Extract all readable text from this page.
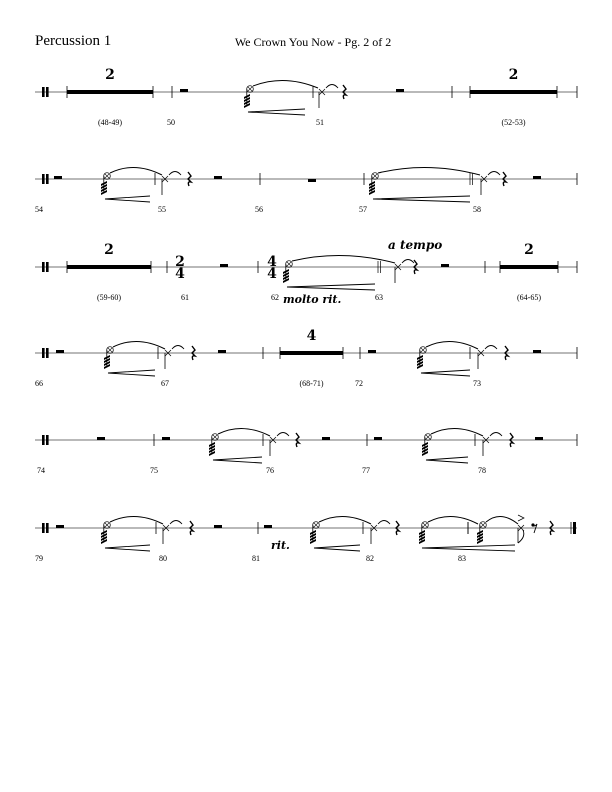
Percussion 1	We Crown You Now - Pg. 2 of 2
2
(48-49)	50	51
2
(52-53)
54	55	56	57	58
2
(59-60)
2
4
61
4
4
62	63
molto rit.
a tempo	2
(64-65)
66	67
4
(68-71)	72	73
74	75	76	77	78
79	80	81
rit.
82	83
